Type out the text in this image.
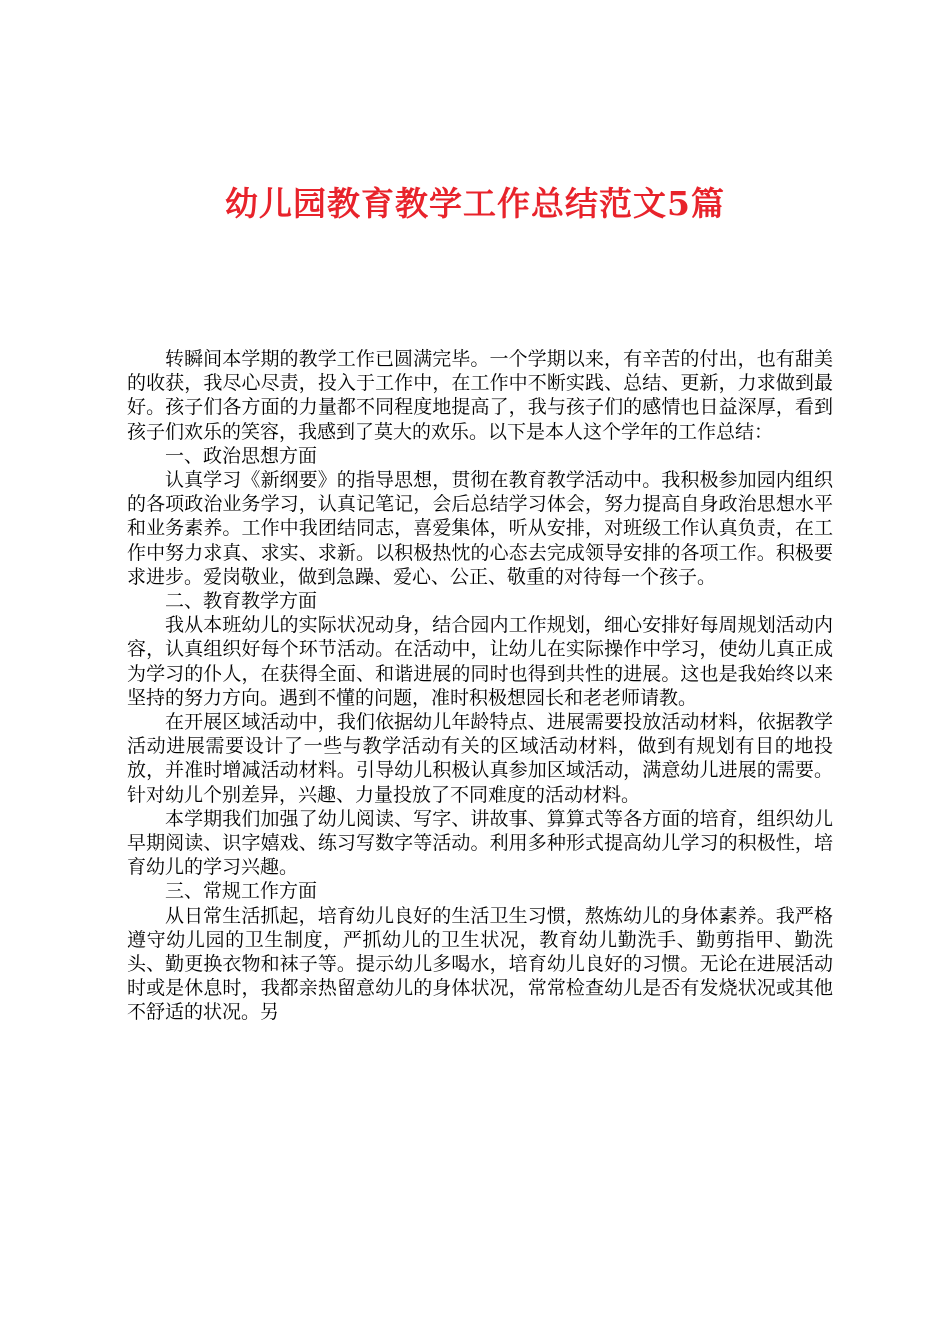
幼儿园教育教学工作总结范文5篇

转瞬间本学期的教学工作已圆满完毕。一个学期以来，有辛苦的付出，也有甜美的收获，我尽心尽责，投入于工作中，在工作中不断实践、总结、更新，力求做到最好。孩子们各方面的力量都不同程度地提高了，我与孩子们的感情也日益深厚，看到孩子们欢乐的笑容，我感到了莫大的欢乐。以下是本人这个学年的工作总结：

一、政治思想方面

认真学习《新纲要》的指导思想，贯彻在教育教学活动中。我积极参加园内组织的各项政治业务学习，认真记笔记，会后总结学习体会，努力提高自身政治思想水平和业务素养。工作中我团结同志，喜爱集体，听从安排，对班级工作认真负责，在工作中努力求真、求实、求新。以积极热忱的心态去完成领导安排的各项工作。积极要求进步。爱岗敬业，做到急躁、爱心、公正、敬重的对待每一个孩子。

二、教育教学方面

我从本班幼儿的实际状况动身，结合园内工作规划，细心安排好每周规划活动内容，认真组织好每个环节活动。在活动中，让幼儿在实际操作中学习，使幼儿真正成为学习的仆人，在获得全面、和谐进展的同时也得到共性的进展。这也是我始终以来坚持的努力方向。遇到不懂的问题，准时积极想园长和老老师请教。

在开展区域活动中，我们依据幼儿年龄特点、进展需要投放活动材料，依据教学活动进展需要设计了一些与教学活动有关的区域活动材料，做到有规划有目的地投放，并准时增减活动材料。引导幼儿积极认真参加区域活动，满意幼儿进展的需要。针对幼儿个别差异，兴趣、力量投放了不同难度的活动材料。

本学期我们加强了幼儿阅读、写字、讲故事、算算式等各方面的培育，组织幼儿早期阅读、识字嬉戏、练习写数字等活动。利用多种形式提高幼儿学习的积极性，培育幼儿的学习兴趣。

三、常规工作方面

从日常生活抓起，培育幼儿良好的生活卫生习惯，熬炼幼儿的身体素养。我严格遵守幼儿园的卫生制度，严抓幼儿的卫生状况，教育幼儿勤洗手、勤剪指甲、勤洗头、勤更换衣物和袜子等。提示幼儿多喝水，培育幼儿良好的习惯。无论在进展活动时或是休息时，我都亲热留意幼儿的身体状况，常常检查幼儿是否有发烧状况或其他不舒适的状况。另
